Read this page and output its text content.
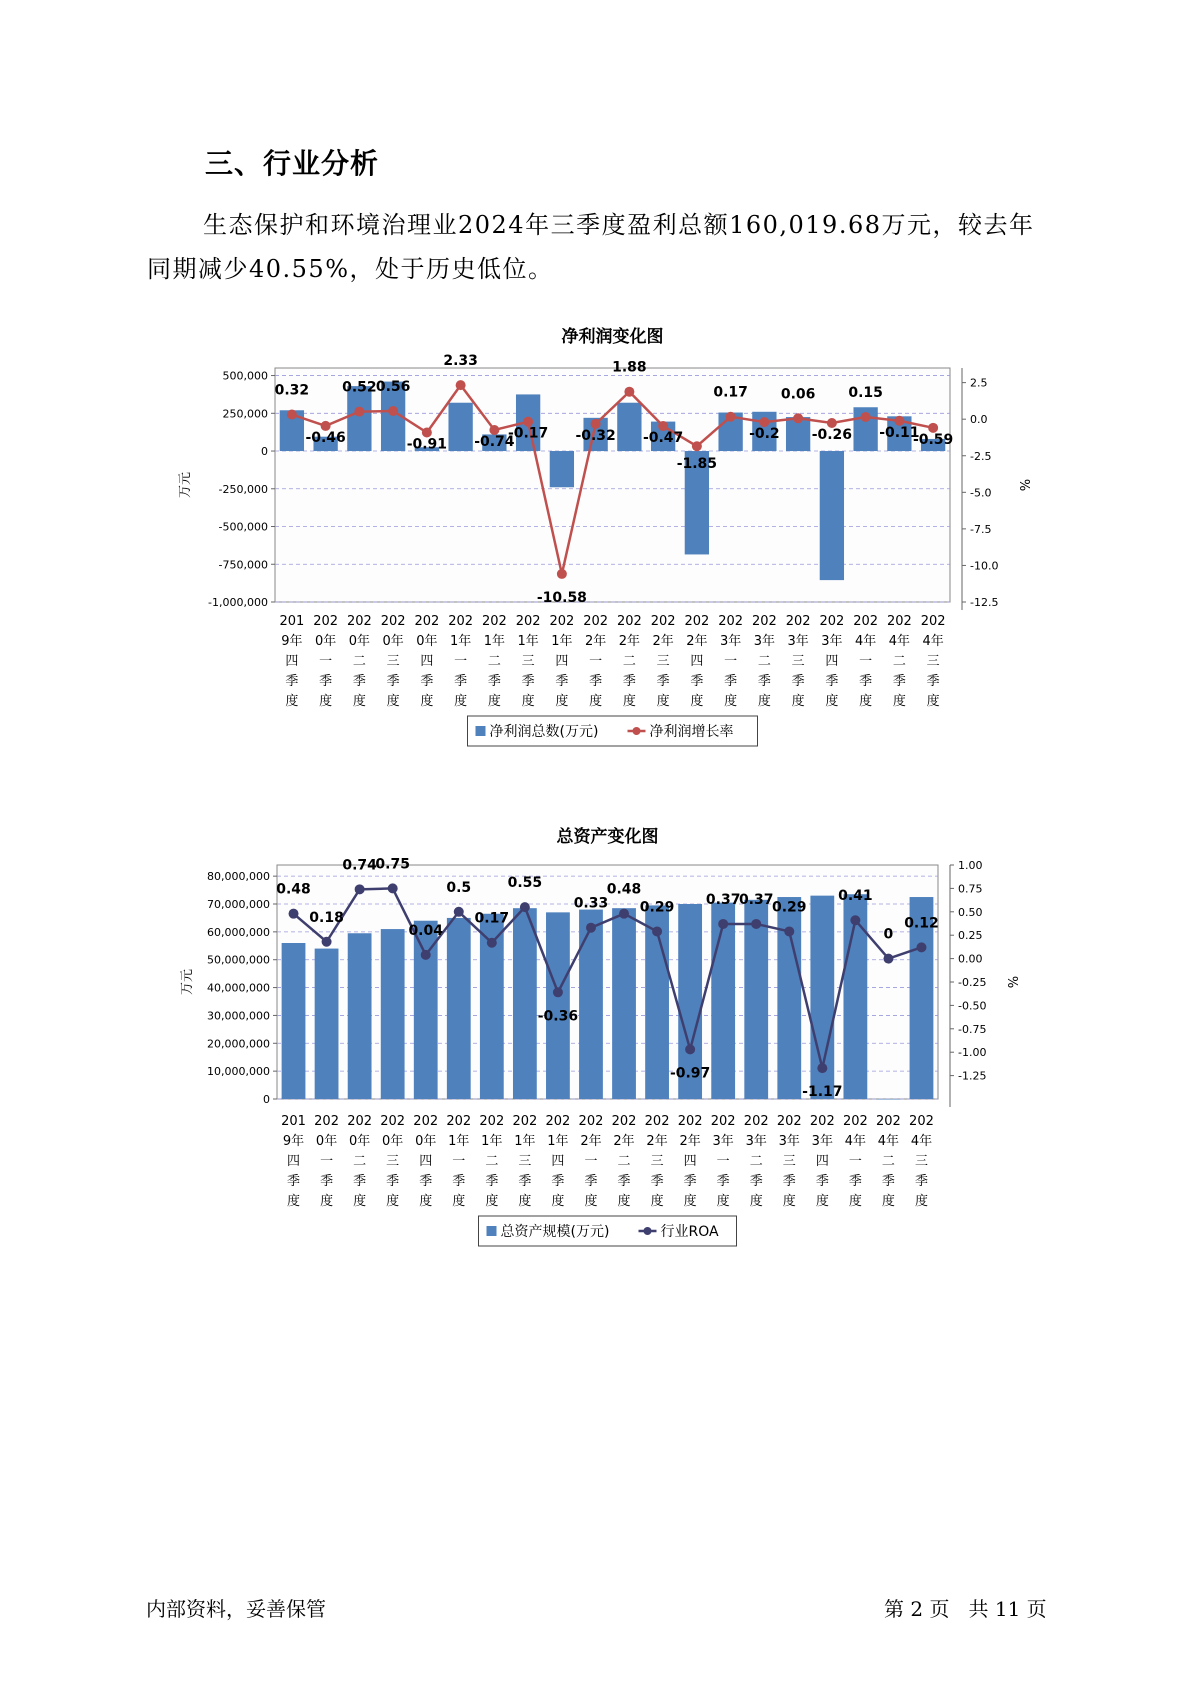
三、行业分析

生态保护和环境治理业2024年三季度盈利总额160,019.68万元，较去年同期减少40.55%，处于历史低位。

净利润变化图
500,000
250,000
0
-250,000
-500,000
-750,000
-1,000,000
2.5
0.0
-2.5
-5.0
-7.5
-10.0
-12.5
万元	%
0.32
-0.46
0.52 0.56
-0.91
2.33
-0.74
-0.17
-10.58
-0.32
1.88
-0.47
-1.85
0.17
-0.2
0.06
-0.26
0.15
-0.11
-0.59
201 9年四季度
202 0年一季度
202 0年二季度
202 0年三季度
202 0年四季度
202 1年一季度
202 1年二季度
202 1年三季度
202 1年四季度
202 2年一季度
202 2年二季度
202 2年三季度
202 2年四季度
202 3年一季度
202 3年二季度
202 3年三季度
202 3年四季度
202 4年一季度
202 4年二季度
202 4年三季度
净利润总数(万元)	净利润增长率
总资产变化图
80,000,000
70,000,000
60,000,000
50,000,000
40,000,000
30,000,000
20,000,000
10,000,000
0
1.00
0.75
0.50
0.25
0.00
-0.25
-0.50
-0.75
-1.00
-1.25
万元	%
0.48
0.18
0.74
0.75
0.04
0.5
0.17
0.55
-0.36
0.33
0.48
0.29
-0.97
0.37
0.37
0.29
-1.17
0.41
0
0.12
201 9年四季度
202 0年一季度
202 0年二季度
202 0年三季度
202 0年四季度
202 1年一季度
202 1年二季度
202 1年三季度
202 1年四季度
202 2年一季度
202 2年二季度
202 2年三季度
202 2年四季度
202 3年一季度
202 3年二季度
202 3年三季度
202 3年四季度
202 4年一季度
202 4年二季度
202 4年三季度
总资产规模(万元)	行业ROA
内部资料，妥善保管	第 2 页   共 11 页
